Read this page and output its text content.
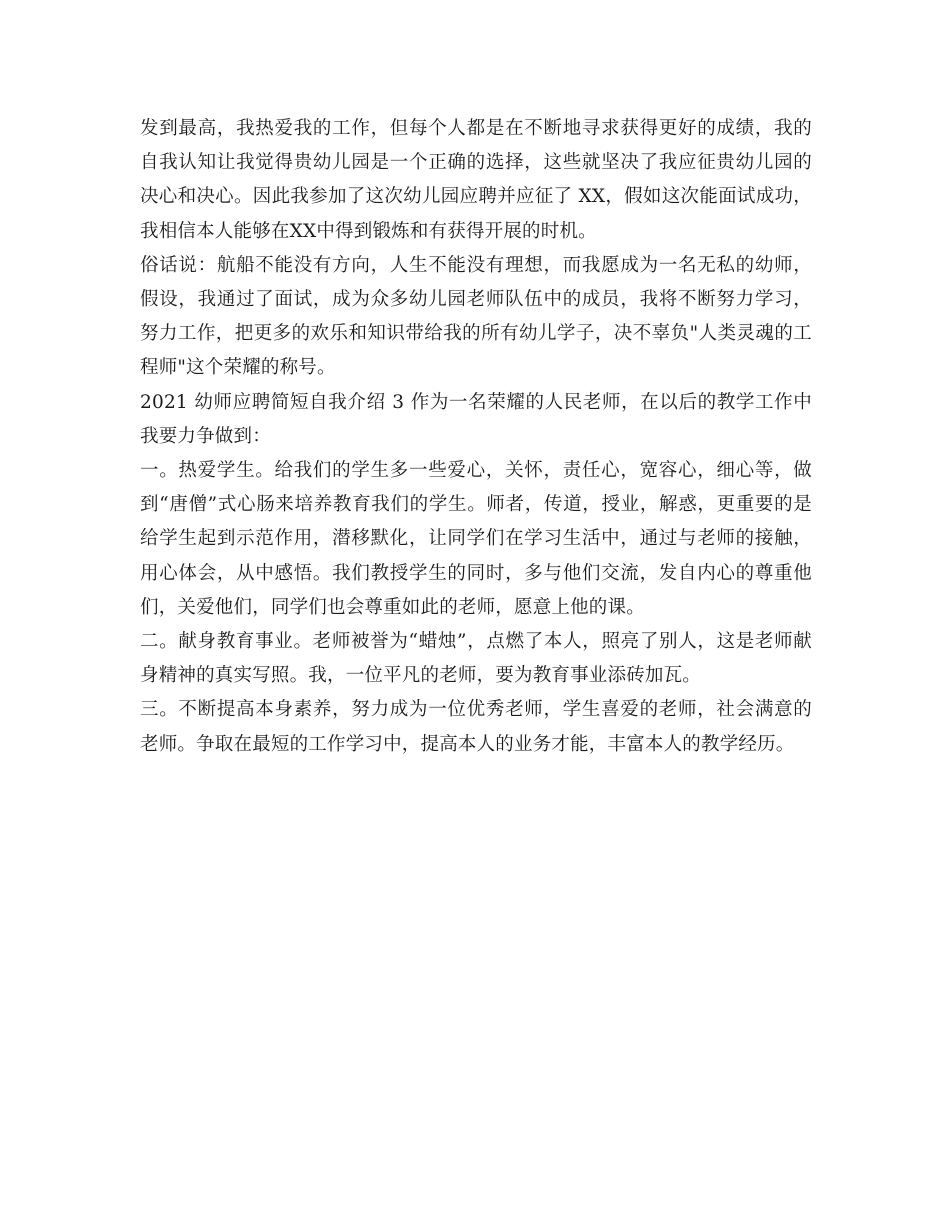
发到最高，我热爱我的工作，但每个人都是在不断地寻求获得更好的成绩，我的自我认知让我觉得贵幼儿园是一个正确的选择，这些就坚决了我应征贵幼儿园的决心和决心。因此我参加了这次幼儿园应聘并应征了 XX，假如这次能面试成功，我相信本人能够在XX中得到锻炼和有获得开展的时机。

俗话说：航船不能没有方向，人生不能没有理想，而我愿成为一名无私的幼师，假设，我通过了面试，成为众多幼儿园老师队伍中的成员，我将不断努力学习，努力工作，把更多的欢乐和知识带给我的所有幼儿学子，决不辜负"人类灵魂的工程师"这个荣耀的称号。

2021 幼师应聘简短自我介绍 3 作为一名荣耀的人民老师，在以后的教学工作中我要力争做到：

一。热爱学生。给我们的学生多一些爱心，关怀，责任心，宽容心，细心等，做到“唐僧”式心肠来培养教育我们的学生。师者，传道，授业，解惑，更重要的是给学生起到示范作用，潜移默化，让同学们在学习生活中，通过与老师的接触，用心体会，从中感悟。我们教授学生的同时，多与他们交流，发自内心的尊重他们，关爱他们，同学们也会尊重如此的老师，愿意上他的课。

二。献身教育事业。老师被誉为“蜡烛”，点燃了本人，照亮了别人，这是老师献身精神的真实写照。我，一位平凡的老师，要为教育事业添砖加瓦。

三。不断提高本身素养，努力成为一位优秀老师，学生喜爱的老师，社会满意的老师。争取在最短的工作学习中，提高本人的业务才能，丰富本人的教学经历。
